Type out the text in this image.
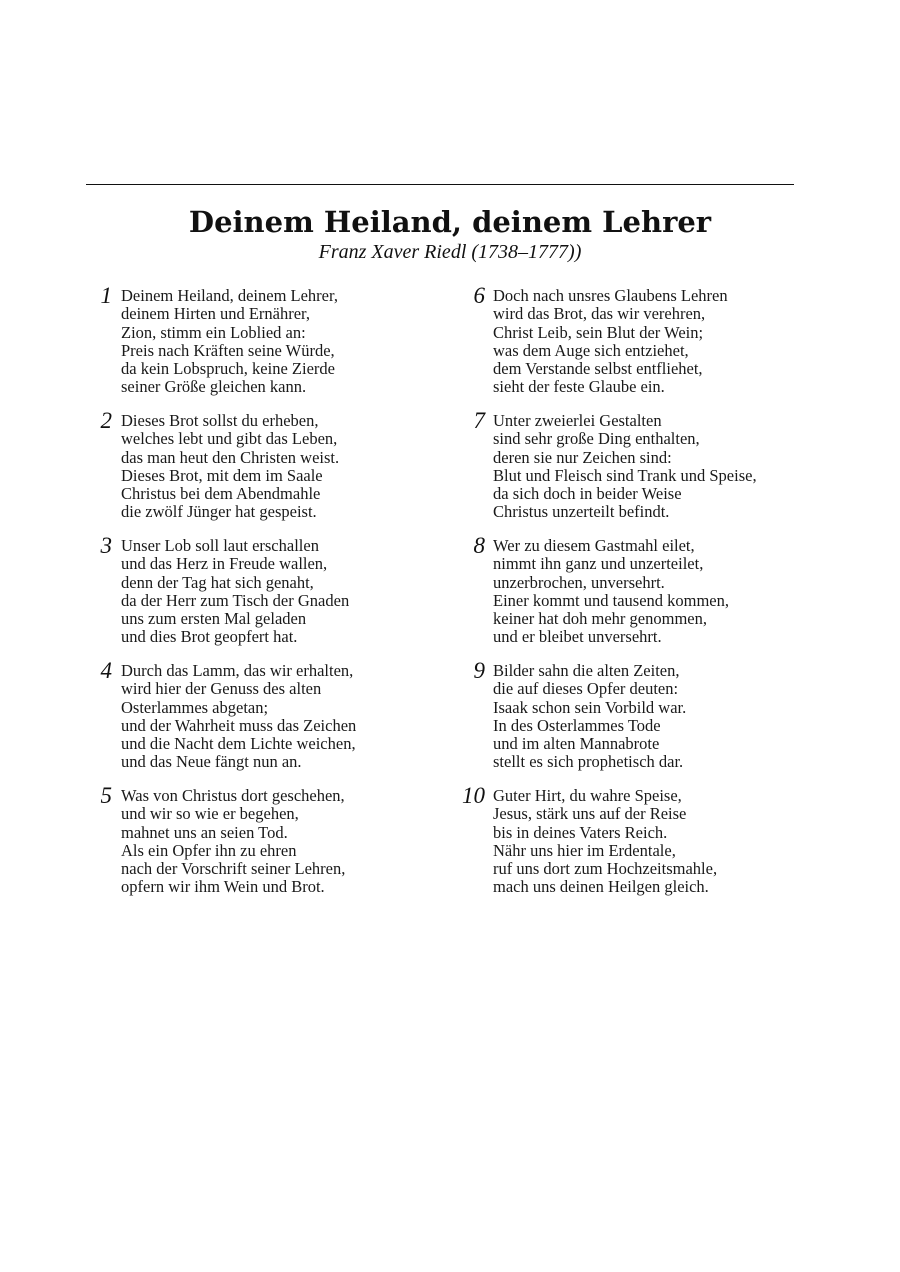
Deinem Heiland, deinem Lehrer
Franz Xaver Riedl (1738–1777))
1 Deinem Heiland, deinem Lehrer,
deinem Hirten und Ernährer,
Zion, stimm ein Loblied an:
Preis nach Kräften seine Würde,
da kein Lobspruch, keine Zierde
seiner Größe gleichen kann.
2 Dieses Brot sollst du erheben,
welches lebt und gibt das Leben,
das man heut den Christen weist.
Dieses Brot, mit dem im Saale
Christus bei dem Abendmahle
die zwölf Jünger hat gespeist.
3 Unser Lob soll laut erschallen
und das Herz in Freude wallen,
denn der Tag hat sich genaht,
da der Herr zum Tisch der Gnaden
uns zum ersten Mal geladen
und dies Brot geopfert hat.
4 Durch das Lamm, das wir erhalten,
wird hier der Genuss des alten
Osterlammes abgetan;
und der Wahrheit muss das Zeichen
und die Nacht dem Lichte weichen,
und das Neue fängt nun an.
5 Was von Christus dort geschehen,
und wir so wie er begehen,
mahnet uns an seien Tod.
Als ein Opfer ihn zu ehren
nach der Vorschrift seiner Lehren,
opfern wir ihm Wein und Brot.
6 Doch nach unsres Glaubens Lehren
wird das Brot, das wir verehren,
Christ Leib, sein Blut der Wein;
was dem Auge sich entziehet,
dem Verstande selbst entfliehet,
sieht der feste Glaube ein.
7 Unter zweierlei Gestalten
sind sehr große Ding enthalten,
deren sie nur Zeichen sind:
Blut und Fleisch sind Trank und Speise,
da sich doch in beider Weise
Christus unzerteilt befindt.
8 Wer zu diesem Gastmahl eilet,
nimmt ihn ganz und unzerteilet,
unzerbrochen, unversehrt.
Einer kommt und tausend kommen,
keiner hat doh mehr genommen,
und er bleibet unversehrt.
9 Bilder sahn die alten Zeiten,
die auf dieses Opfer deuten:
Isaak schon sein Vorbild war.
In des Osterlammes Tode
und im alten Mannabrote
stellt es sich prophetisch dar.
10 Guter Hirt, du wahre Speise,
Jesus, stärk uns auf der Reise
bis in deines Vaters Reich.
Nähr uns hier im Erdentale,
ruf uns dort zum Hochzeitsmahle,
mach uns deinen Heilgen gleich.
